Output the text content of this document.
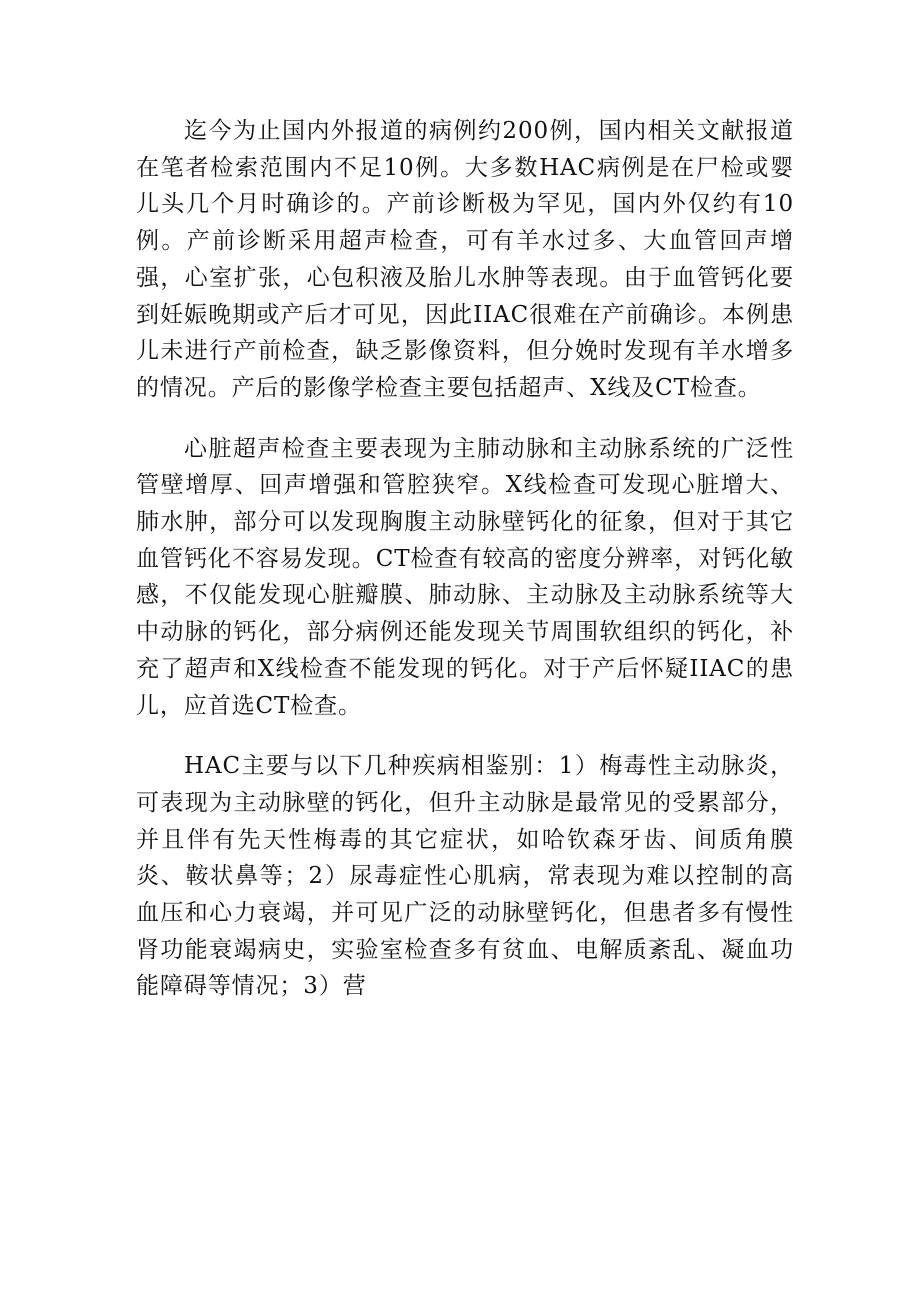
迄今为止国内外报道的病例约200例，国内相关文献报道在笔者检索范围内不足10例。大多数HAC病例是在尸检或婴儿头几个月时确诊的。产前诊断极为罕见，国内外仅约有10例。产前诊断采用超声检查，可有羊水过多、大血管回声增强，心室扩张，心包积液及胎儿水肿等表现。由于血管钙化要到妊娠晚期或产后才可见，因此IIAC很难在产前确诊。本例患儿未进行产前检查，缺乏影像资料，但分娩时发现有羊水增多的情况。产后的影像学检查主要包括超声、X线及CT检查。

心脏超声检查主要表现为主肺动脉和主动脉系统的广泛性管壁增厚、回声增强和管腔狭窄。X线检查可发现心脏增大、肺水肿，部分可以发现胸腹主动脉壁钙化的征象，但对于其它血管钙化不容易发现。CT检查有较高的密度分辨率，对钙化敏感，不仅能发现心脏瓣膜、肺动脉、主动脉及主动脉系统等大中动脉的钙化，部分病例还能发现关节周围软组织的钙化，补充了超声和X线检查不能发现的钙化。对于产后怀疑IIAC的患儿，应首选CT检查。

HAC主要与以下几种疾病相鉴别：1）梅毒性主动脉炎，可表现为主动脉壁的钙化，但升主动脉是最常见的受累部分，并且伴有先天性梅毒的其它症状，如哈钦森牙齿、间质角膜炎、鞍状鼻等；2）尿毒症性心肌病，常表现为难以控制的高血压和心力衰竭，并可见广泛的动脉壁钙化，但患者多有慢性肾功能衰竭病史，实验室检查多有贫血、电解质紊乱、凝血功能障碍等情况；3）营
